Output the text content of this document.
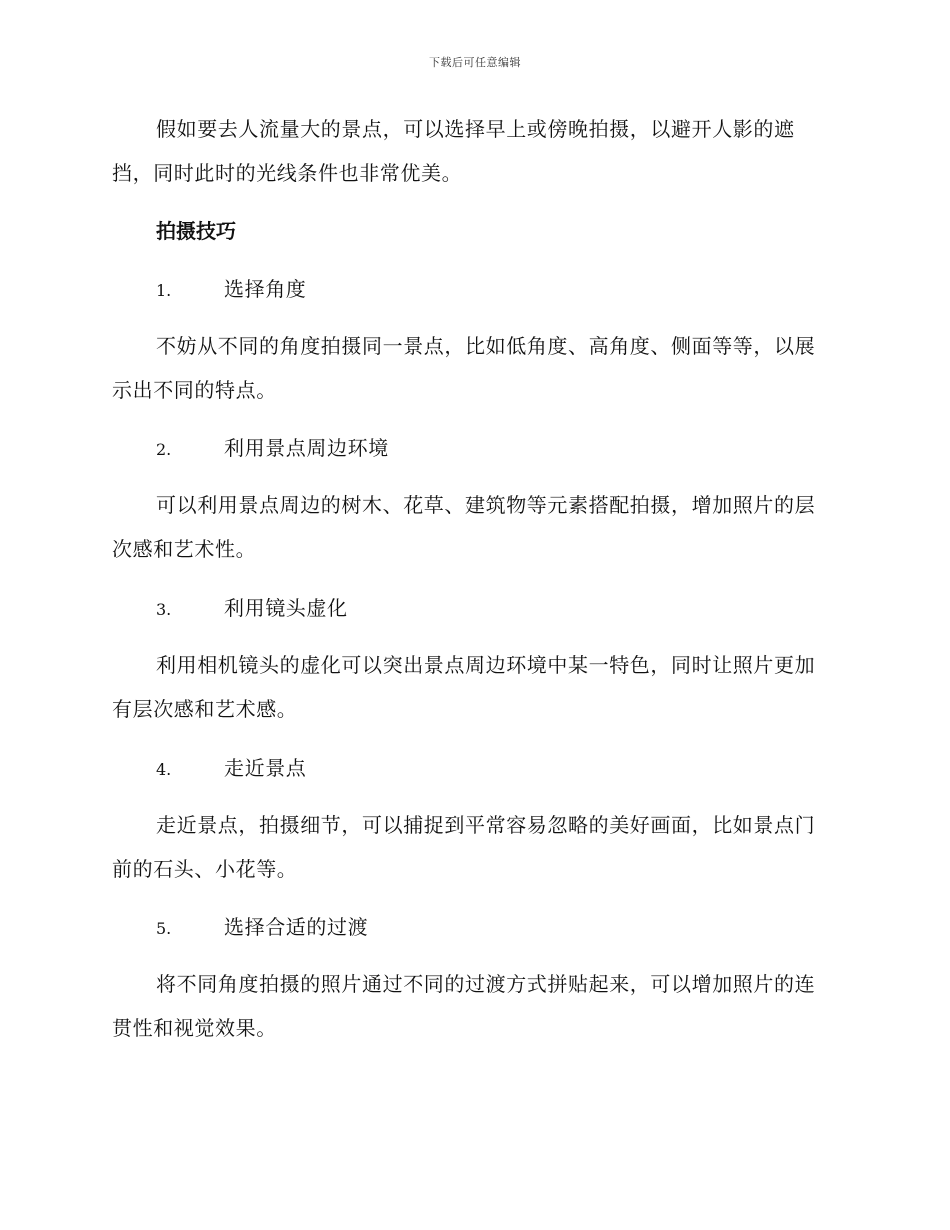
下载后可任意编辑

假如要去人流量大的景点，可以选择早上或傍晚拍摄，以避开人影的遮挡，同时此时的光线条件也非常优美。

拍摄技巧
1.	选择角度

不妨从不同的角度拍摄同一景点，比如低角度、高角度、侧面等等，以展示出不同的特点。

2.	利用景点周边环境

可以利用景点周边的树木、花草、建筑物等元素搭配拍摄，增加照片的层次感和艺术性。

3.	利用镜头虚化

利用相机镜头的虚化可以突出景点周边环境中某一特色，同时让照片更加有层次感和艺术感。

4.	走近景点

走近景点，拍摄细节，可以捕捉到平常容易忽略的美好画面，比如景点门前的石头、小花等。

5.	选择合适的过渡

将不同角度拍摄的照片通过不同的过渡方式拼贴起来，可以增加照片的连贯性和视觉效果。
